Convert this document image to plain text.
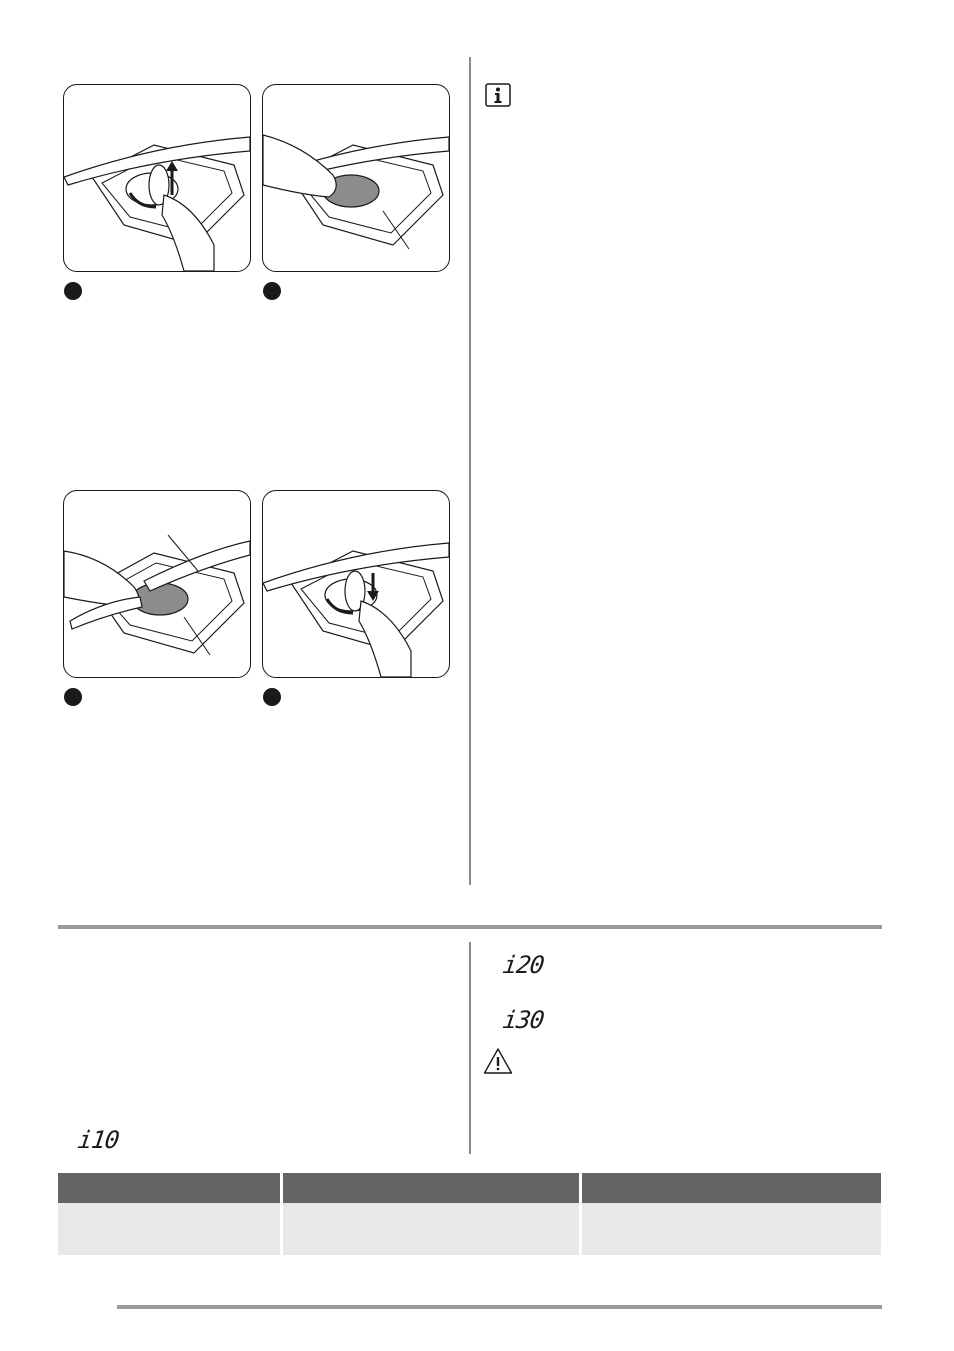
i10
i20
i30
